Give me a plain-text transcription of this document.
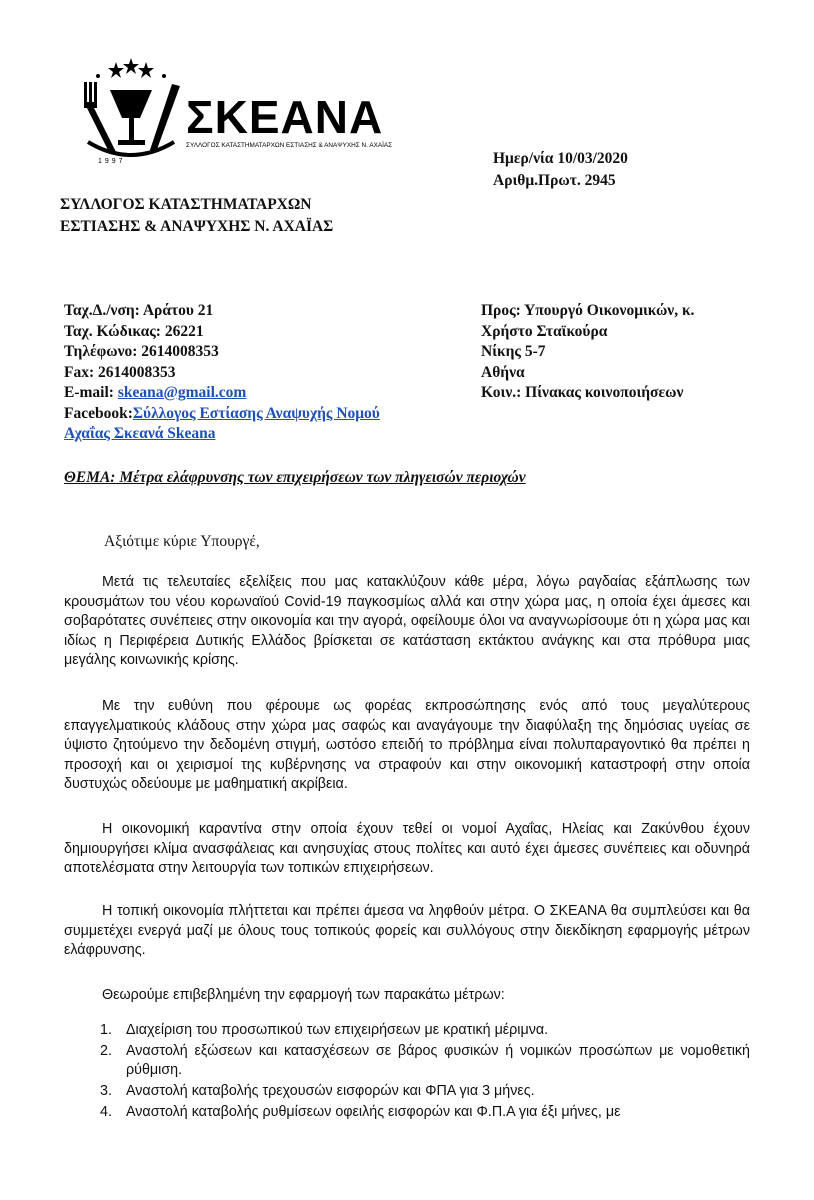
ΣΚΕΑΝΑ
ΣΥΛΛΟΓΟΣ ΚΑΤΑΣΤΗΜΑΤΑΡΧΩΝ ΕΣΤΙΑΣΗΣ & ΑΝΑΨΥΧΗΣ Ν. ΑΧΑΪΑΣ
1997	Ημερ/νία 10/03/2020
Αριθμ.Πρωτ. 2945
ΣΥΛΛΟΓΟΣ ΚΑΤΑΣΤΗΜΑΤΑΡΧΩΝ
ΕΣΤΙΑΣΗΣ & ΑΝΑΨΥΧΗΣ Ν. ΑΧΑΪΑΣ
Ταχ.Δ./νση: Αράτου 21
Ταχ. Κώδικας: 26221
Τηλέφωνο: 2614008353
Fax: 2614008353
E-mail: skeana@gmail.com
Facebook:Σύλλογος Εστίασης Αναψυχής Νομού
Αχαΐας Σκεανά Skeana
Προς: Υπουργό Οικονομικών, κ.
Χρήστο Σταϊκούρα
Νίκης 5-7
Αθήνα
Κοιν.: Πίνακας κοινοποιήσεων
ΘΕΜΑ: Μέτρα ελάφρυνσης των επιχειρήσεων των πληγεισών περιοχών
Αξιότιμε κύριε Υπουργέ,
Μετά τις τελευταίες εξελίξεις που μας κατακλύζουν κάθε μέρα, λόγω ραγδαίας εξάπλωσης των κρουσμάτων του νέου κορωναϊού Covid-19 παγκοσμίως αλλά και στην χώρα μας, η οποία έχει άμεσες και σοβαρότατες συνέπειες στην οικονομία και την αγορά, οφείλουμε όλοι να αναγνωρίσουμε ότι η χώρα μας και ιδίως η Περιφέρεια Δυτικής Ελλάδος βρίσκεται σε κατάσταση εκτάκτου ανάγκης και στα πρόθυρα μιας μεγάλης κοινωνικής κρίσης.
Με την ευθύνη που φέρουμε ως φορέας εκπροσώπησης ενός από τους μεγαλύτερους επαγγελματικούς κλάδους στην χώρα μας σαφώς και αναγάγουμε την διαφύλαξη της δημόσιας υγείας σε ύψιστο ζητούμενο την δεδομένη στιγμή, ωστόσο επειδή το πρόβλημα είναι πολυπαραγοντικό θα πρέπει η προσοχή και οι χειρισμοί της κυβέρνησης να στραφούν και στην οικονομική καταστροφή στην οποία δυστυχώς οδεύουμε με μαθηματική ακρίβεια.
Η οικονομική καραντίνα στην οποία έχουν τεθεί οι νομοί Αχαΐας, Ηλείας και Ζακύνθου έχουν δημιουργήσει κλίμα ανασφάλειας και ανησυχίας στους πολίτες και αυτό έχει άμεσες συνέπειες και οδυνηρά αποτελέσματα στην λειτουργία των τοπικών επιχειρήσεων.
Η τοπική οικονομία πλήττεται και πρέπει άμεσα να ληφθούν μέτρα. Ο ΣΚΕΑΝΑ θα συμπλεύσει και θα συμμετέχει ενεργά μαζί με όλους τους τοπικούς φορείς και συλλόγους στην διεκδίκηση εφαρμογής μέτρων ελάφρυνσης.
Θεωρούμε επιβεβλημένη την εφαρμογή των παρακάτω μέτρων:
1. Διαχείριση του προσωπικού των επιχειρήσεων με κρατική μέριμνα.
2. Αναστολή εξώσεων και κατασχέσεων σε βάρος φυσικών ή νομικών προσώπων με νομοθετική ρύθμιση.
3. Αναστολή καταβολής τρεχουσών εισφορών και ΦΠΑ για 3 μήνες.
4. Αναστολή καταβολής ρυθμίσεων οφειλής εισφορών και Φ.Π.Α για έξι μήνες, με
